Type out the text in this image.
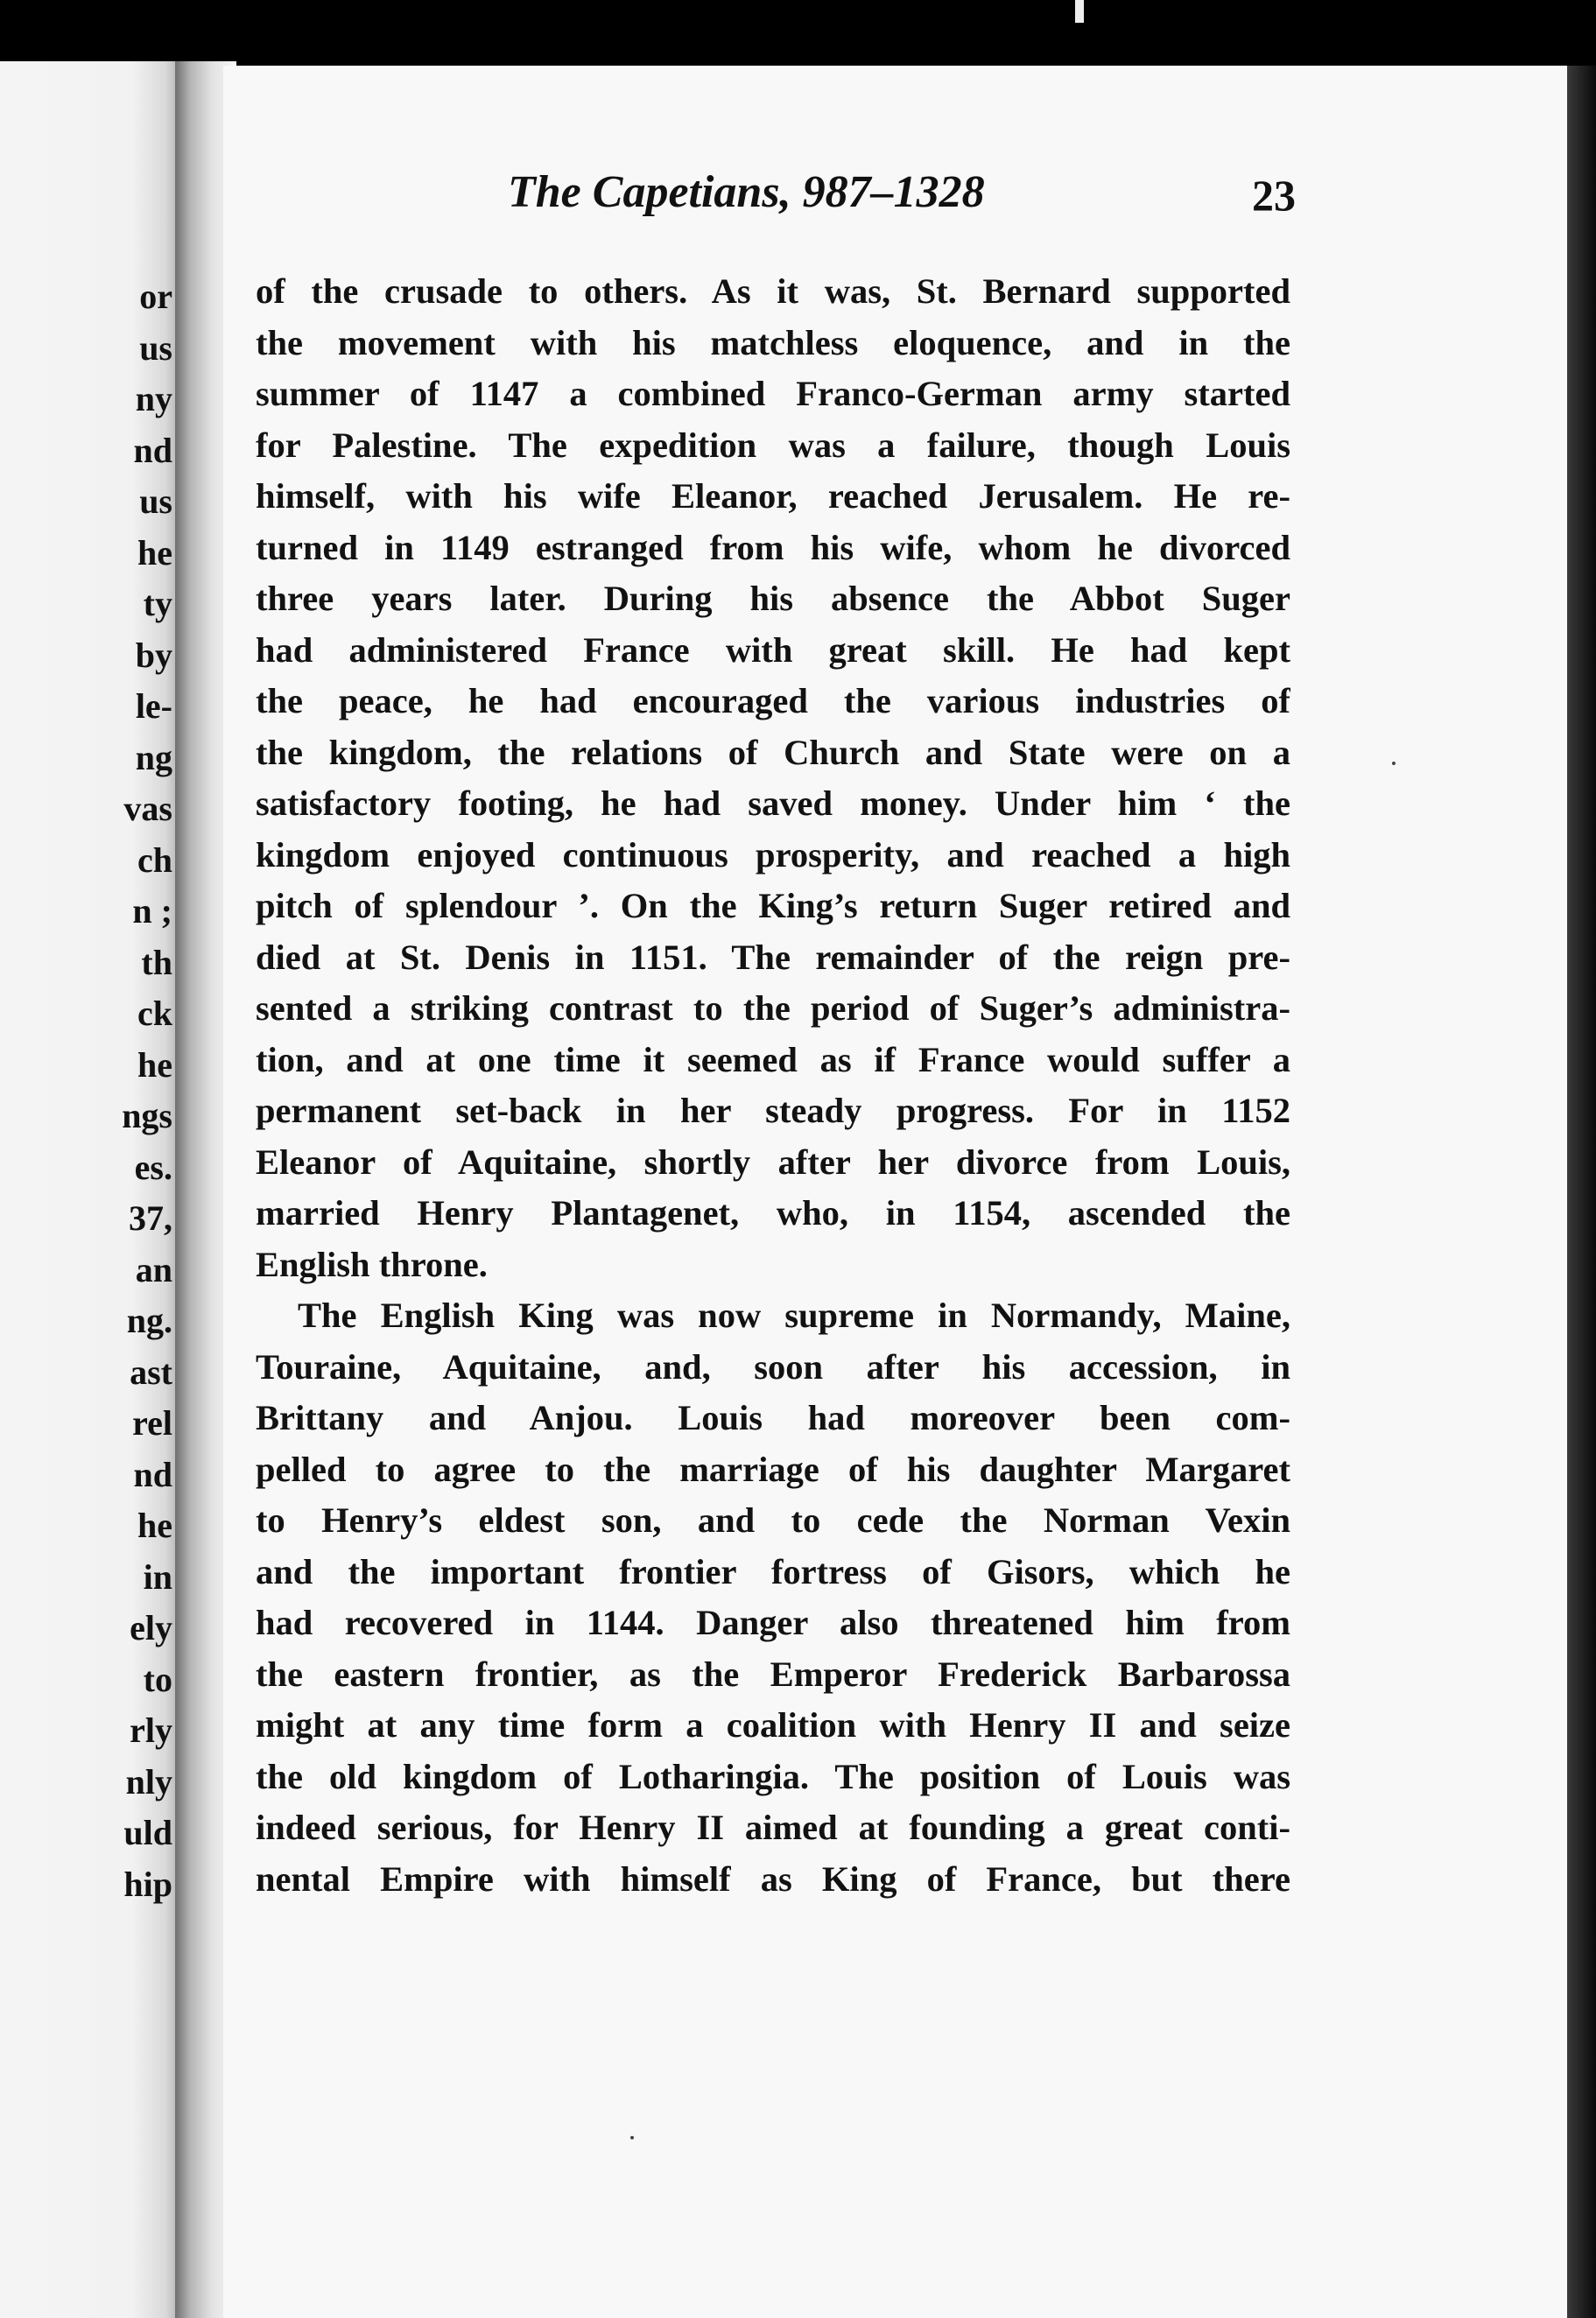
or
us
ny
nd
us
he
ty
by
le-
ng
vas
ch
n ;
th
ck
he
ngs
es.
37,
an
ng.
ast
rel
nd
he
in
ely
to
rly
nly
uld
hip
The Capetians, 987–1328	23
of the crusade to others. As it was, St. Bernard supported
the movement with his matchless eloquence, and in the
summer of 1147 a combined Franco-German army started
for Palestine. The expedition was a failure, though Louis
himself, with his wife Eleanor, reached Jerusalem. He re-
turned in 1149 estranged from his wife, whom he divorced
three years later. During his absence the Abbot Suger
had administered France with great skill. He had kept
the peace, he had encouraged the various industries of
the kingdom, the relations of Church and State were on a
satisfactory footing, he had saved money. Under him ‘ the
kingdom enjoyed continuous prosperity, and reached a high
pitch of splendour ’. On the King’s return Suger retired and
died at St. Denis in 1151. The remainder of the reign pre-
sented a striking contrast to the period of Suger’s administra-
tion, and at one time it seemed as if France would suffer a
permanent set-back in her steady progress. For in 1152
Eleanor of Aquitaine, shortly after her divorce from Louis,
married Henry Plantagenet, who, in 1154, ascended the
English throne.
The English King was now supreme in Normandy, Maine,
Touraine, Aquitaine, and, soon after his accession, in
Brittany and Anjou. Louis had moreover been com-
pelled to agree to the marriage of his daughter Margaret
to Henry’s eldest son, and to cede the Norman Vexin
and the important frontier fortress of Gisors, which he
had recovered in 1144. Danger also threatened him from
the eastern frontier, as the Emperor Frederick Barbarossa
might at any time form a coalition with Henry II and seize
the old kingdom of Lotharingia. The position of Louis was
indeed serious, for Henry II aimed at founding a great conti-
nental Empire with himself as King of France, but there
